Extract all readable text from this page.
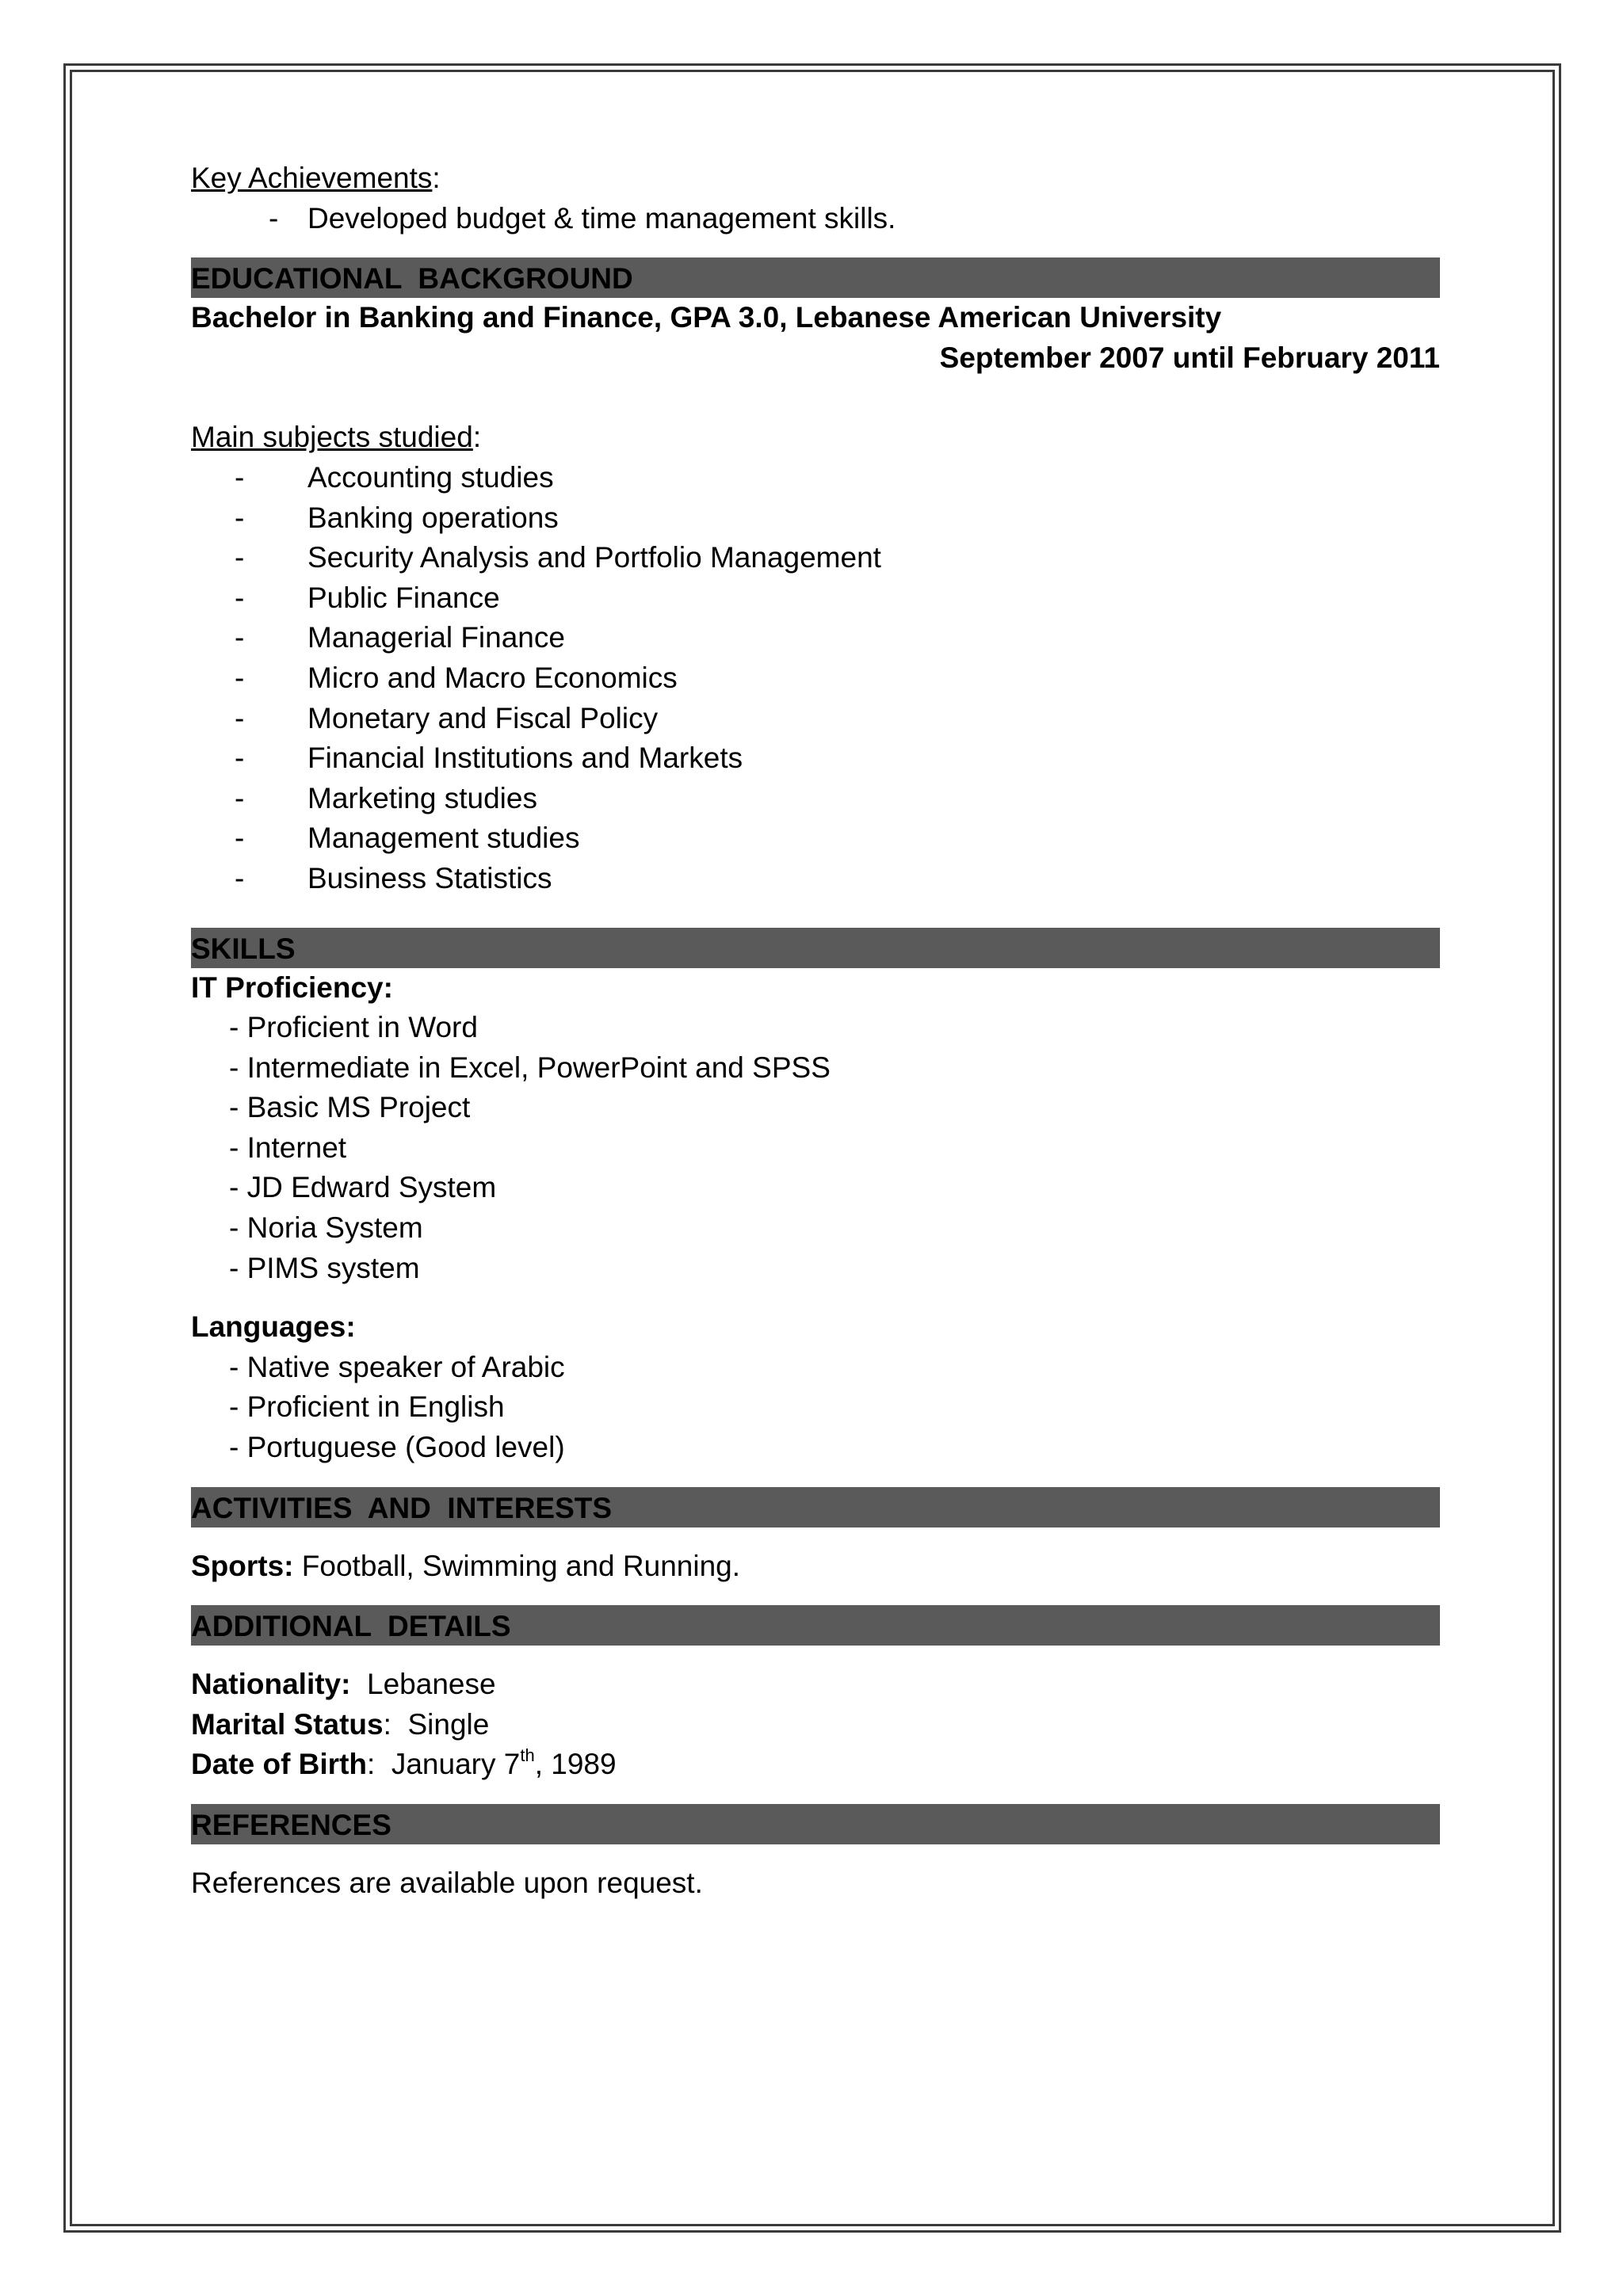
Key Achievements:
- Developed budget & time management skills.
EDUCATIONAL  BACKGROUND
Bachelor in Banking and Finance, GPA 3.0, Lebanese American University
September 2007 until February 2011
Main subjects studied:
- Accounting studies
- Banking operations
- Security Analysis and Portfolio Management
- Public Finance
- Managerial Finance
- Micro and Macro Economics
- Monetary and Fiscal Policy
- Financial Institutions and Markets
- Marketing studies
- Management studies
- Business Statistics
SKILLS
IT Proficiency:
- Proficient in Word
- Intermediate in Excel, PowerPoint and SPSS
- Basic MS Project
- Internet
- JD Edward System
- Noria System
- PIMS system
Languages:
- Native speaker of Arabic
- Proficient in English
- Portuguese (Good level)
ACTIVITIES  AND  INTERESTS
Sports: Football, Swimming and Running.
ADDITIONAL  DETAILS
Nationality:  Lebanese
Marital Status:  Single
Date of Birth:  January 7th, 1989
REFERENCES
References are available upon request.
